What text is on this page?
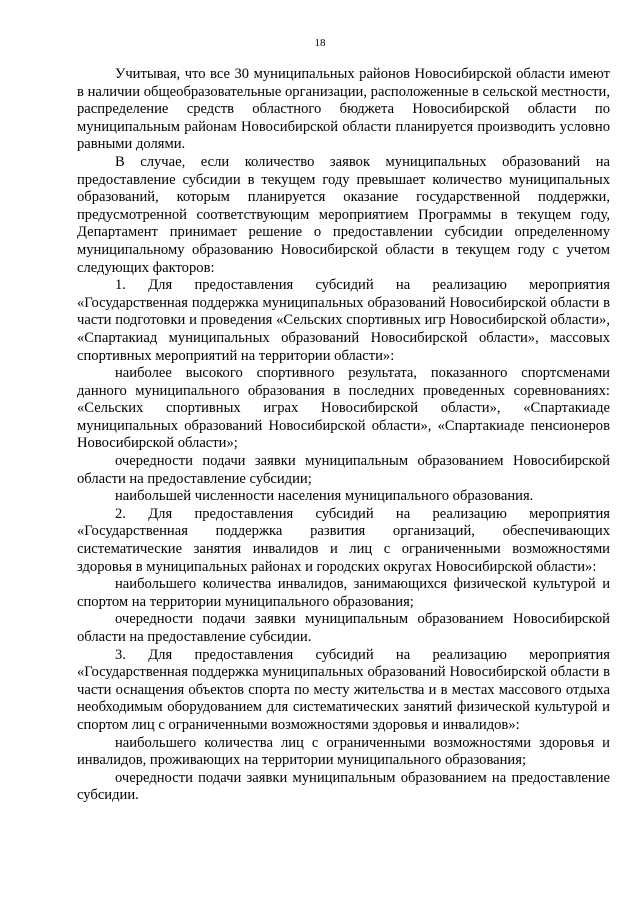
18

Учитывая, что все 30 муниципальных районов Новосибирской области имеют в наличии общеобразовательные организации, расположенные в сельской местности, распределение средств областного бюджета Новосибирской области по муниципальным районам Новосибирской области планируется производить условно равными долями.

В случае, если количество заявок муниципальных образований на предоставление субсидии в текущем году превышает количество муниципальных образований, которым планируется оказание государственной поддержки, предусмотренной соответствующим мероприятием Программы в текущем году, Департамент принимает решение о предоставлении субсидии определенному муниципальному образованию Новосибирской области в текущем году с учетом следующих факторов:

1. Для предоставления субсидий на реализацию мероприятия «Государственная поддержка муниципальных образований Новосибирской области в части подготовки и проведения «Сельских спортивных игр Новосибирской области», «Спартакиад муниципальных образований Новосибирской области», массовых спортивных мероприятий на территории области»:

наиболее высокого спортивного результата, показанного спортсменами данного муниципального образования в последних проведенных соревнованиях: «Сельских спортивных играх Новосибирской области», «Спартакиаде муниципальных образований Новосибирской области», «Спартакиаде пенсионеров Новосибирской области»;

очередности подачи заявки муниципальным образованием Новосибирской области на предоставление субсидии;

наибольшей численности населения муниципального образования.

2. Для предоставления субсидий на реализацию мероприятия «Государственная поддержка развития организаций, обеспечивающих систематические занятия инвалидов и лиц с ограниченными возможностями здоровья в муниципальных районах и городских округах Новосибирской области»:

наибольшего количества инвалидов, занимающихся физической культурой и спортом на территории муниципального образования;

очередности подачи заявки муниципальным образованием Новосибирской области на предоставление субсидии.

3. Для предоставления субсидий на реализацию мероприятия «Государственная поддержка муниципальных образований Новосибирской области в части оснащения объектов спорта по месту жительства и в местах массового отдыха необходимым оборудованием для систематических занятий физической культурой и спортом лиц с ограниченными возможностями здоровья и инвалидов»:

наибольшего количества лиц с ограниченными возможностями здоровья и инвалидов, проживающих на территории муниципального образования;

очередности подачи заявки муниципальным образованием на предоставление субсидии.
